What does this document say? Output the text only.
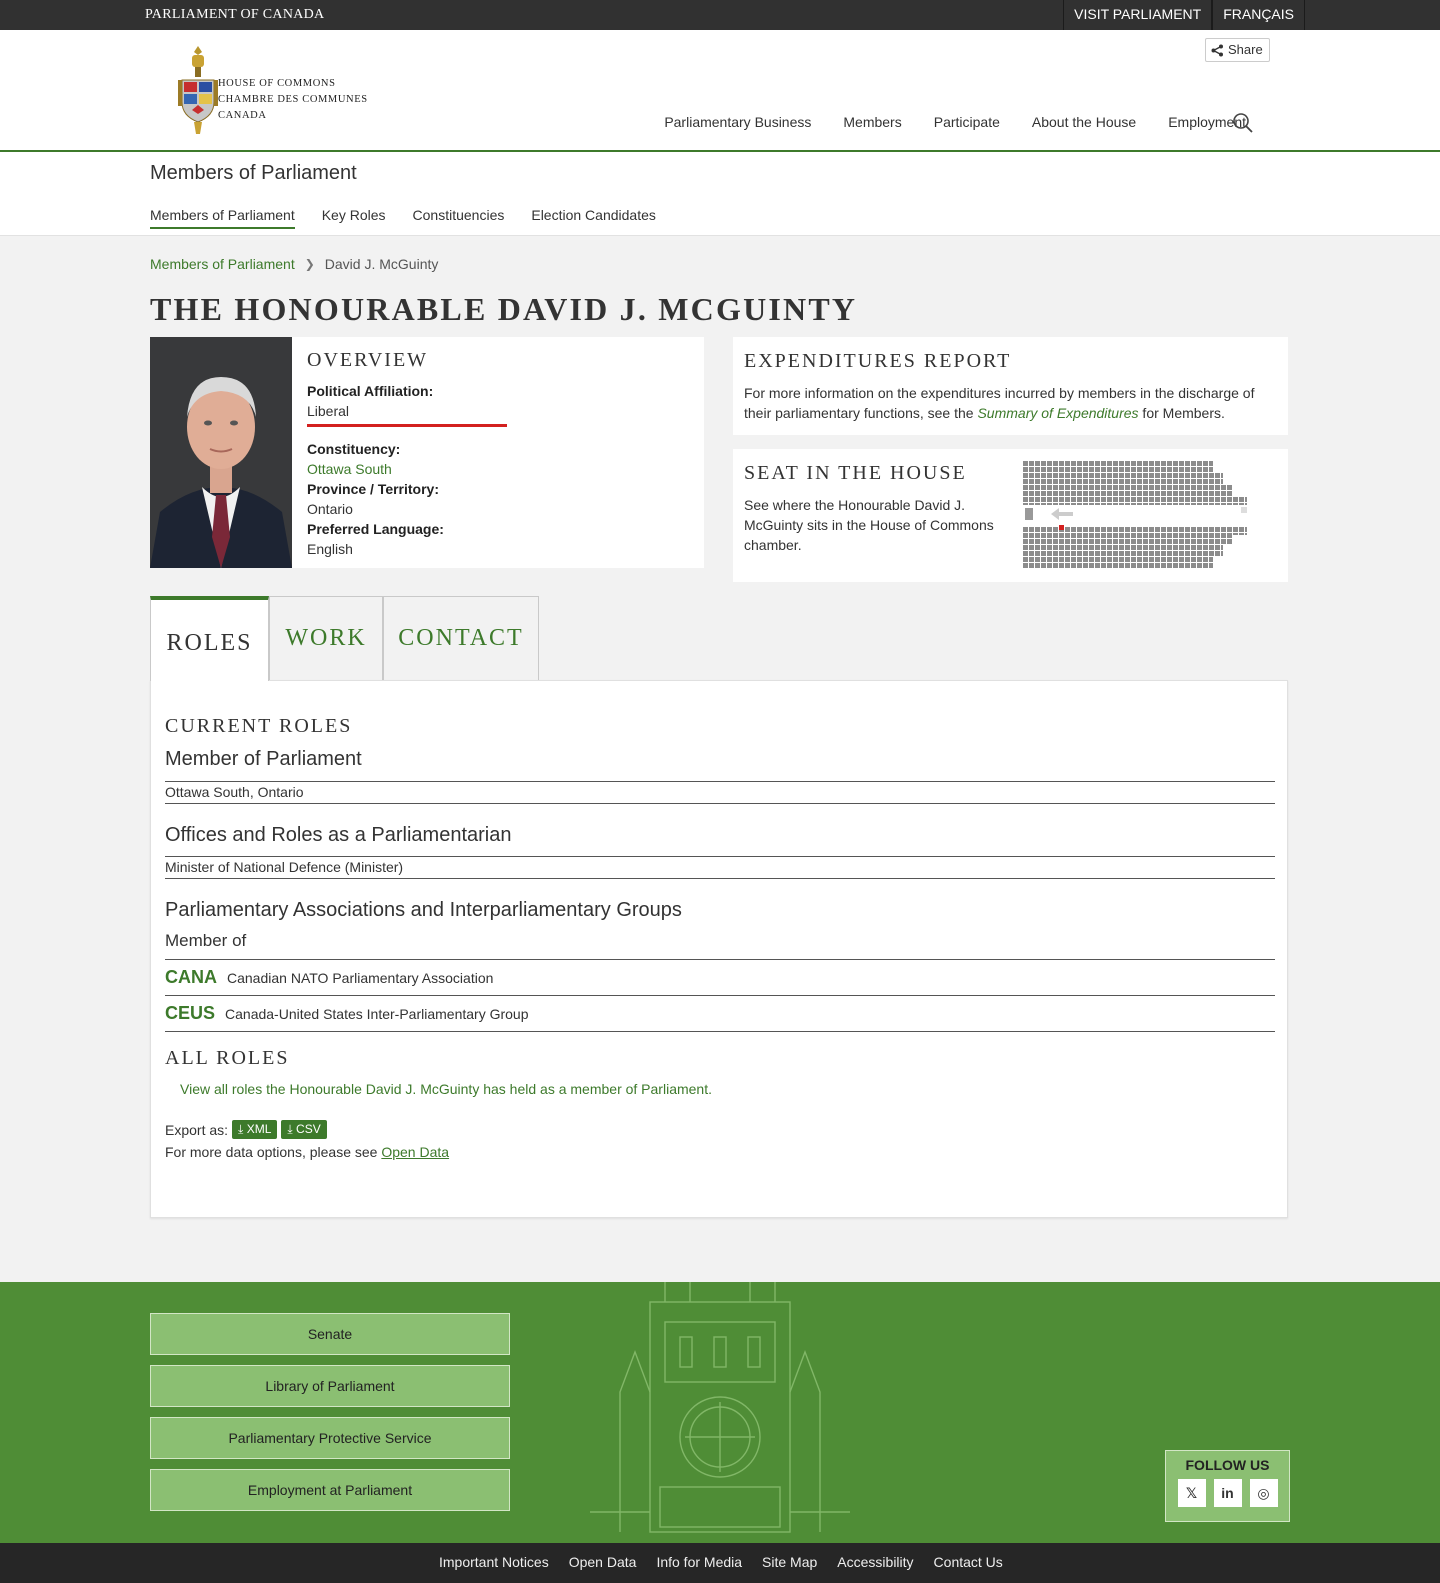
PARLIAMENT OF CANADA	VISIT PARLIAMENT	FRANÇAIS
HOUSE OF COMMONS
CHAMBRE DES COMMUNES
CANADA
Share
Parliamentary Business Members Participate About the House Employment
Members of Parliament
Members of Parliament Key Roles Constituencies Election Candidates
Members of Parliament ❯ David J. McGuinty
THE HONOURABLE DAVID J. MCGUINTY
OVERVIEW
Political Affiliation:
Liberal
Constituency:
Ottawa South
Province / Territory:
Ontario
Preferred Language:
English
EXPENDITURES REPORT

For more information on the expenditures incurred by members in the discharge of their parliamentary functions, see the Summary of Expenditures for Members.

SEAT IN THE HOUSE

See where the Honourable David J. McGuinty sits in the House of Commons chamber.

ROLES	WORK	CONTACT
CURRENT ROLES
Member of Parliament
Ottawa South, Ontario
Offices and Roles as a Parliamentarian
Minister of National Defence (Minister)
Parliamentary Associations and Interparliamentary Groups
Member of
CANA Canadian NATO Parliamentary Association
CEUS Canada-United States Inter-Parliamentary Group
ALL ROLES
View all roles the Honourable David J. McGuinty has held as a member of Parliament.
Export as: ⤓ XML	⤓ CSV
For more data options, please see Open Data
Senate
Library of Parliament
Parliamentary Protective Service
Employment at Parliament
FOLLOW US
𝕏	in	◎
Important Notices Open Data Info for Media Site Map Accessibility Contact Us
